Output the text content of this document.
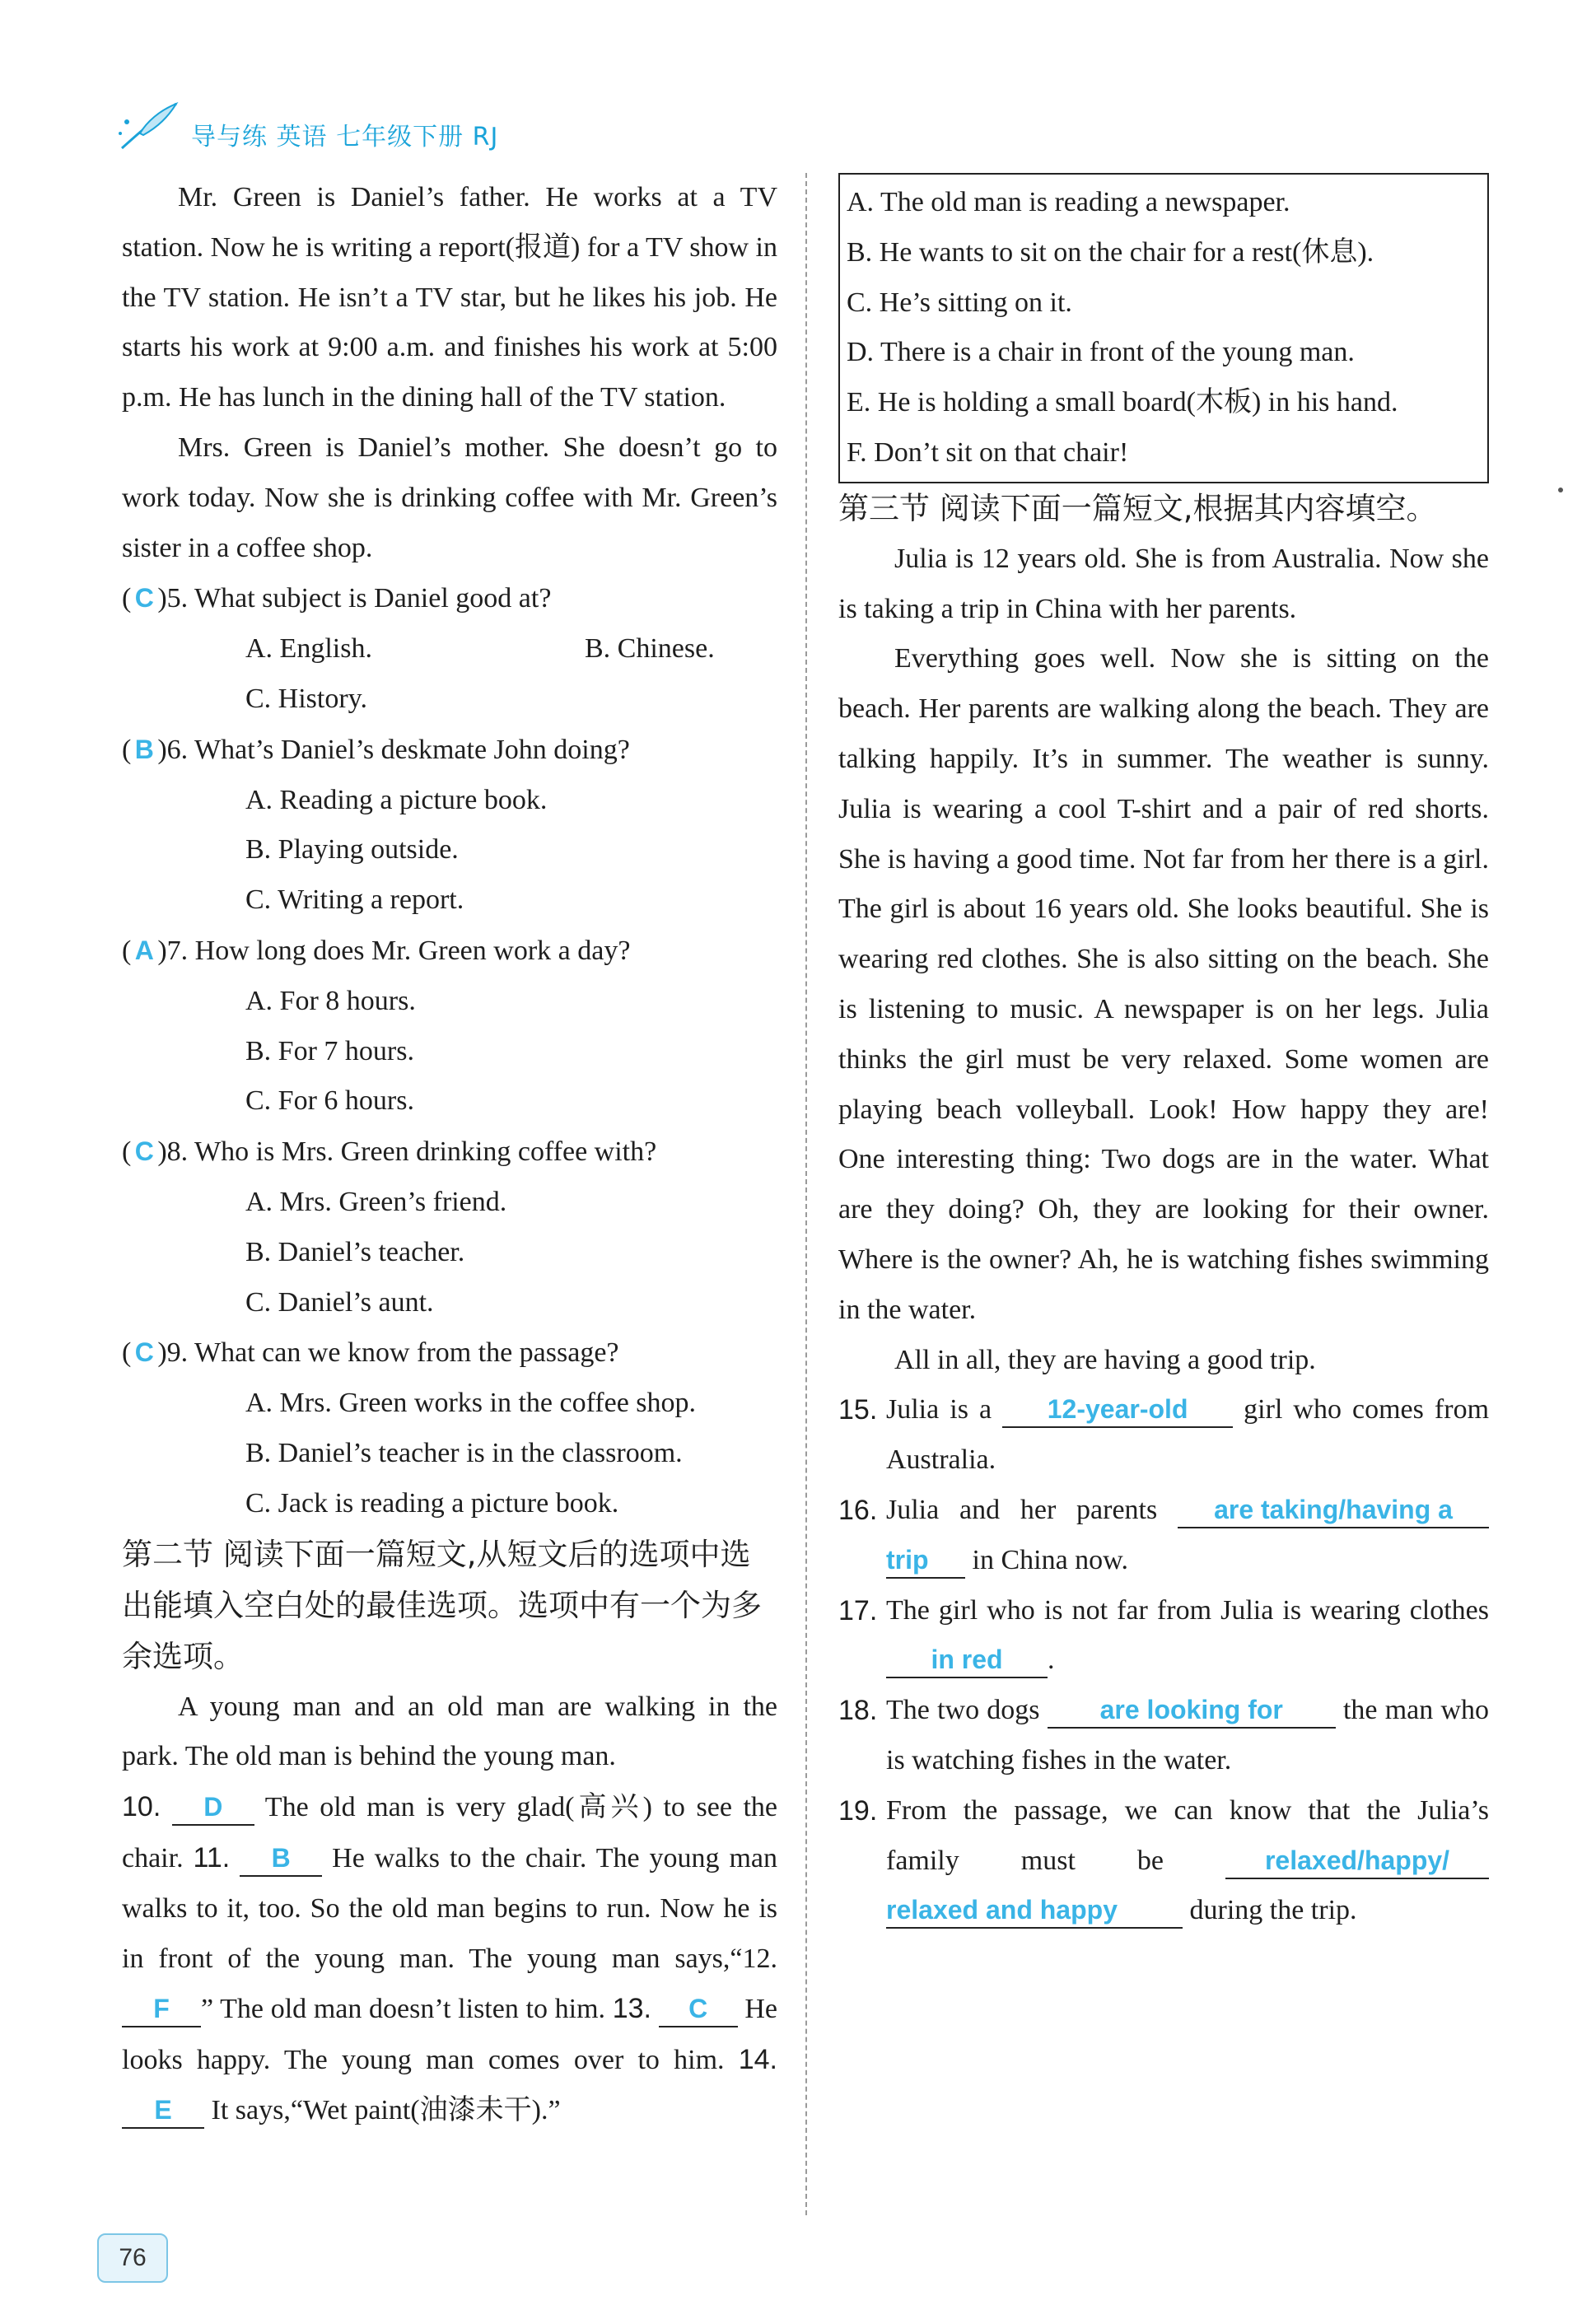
导与练 英语 七年级下册 RJ

Mr. Green is Daniel’s father. He works at a TV station. Now he is writing a report(报道) for a TV show in the TV station. He isn’t a TV star, but he likes his job. He starts his work at 9:00 a.m. and finishes his work at 5:00 p.m. He has lunch in the dining hall of the TV station.

Mrs. Green is Daniel’s mother. She doesn’t go to work today. Now she is drinking coffee with Mr. Green’s sister in a coffee shop.

( C )5. What subject is Daniel good at?
A. English.	B. Chinese.
C. History.
( B )6. What’s Daniel’s deskmate John doing?
A. Reading a picture book.
B. Playing outside.
C. Writing a report.
( A )7. How long does Mr. Green work a day?
A. For 8 hours.
B. For 7 hours.
C. For 6 hours.
( C )8. Who is Mrs. Green drinking coffee with?
A. Mrs. Green’s friend.
B. Daniel’s teacher.
C. Daniel’s aunt.
( C )9. What can we know from the passage?
A. Mrs. Green works in the coffee shop.
B. Daniel’s teacher is in the classroom.
C. Jack is reading a picture book.

第二节 阅读下面一篇短文,从短文后的选项中选出能填入空白处的最佳选项。选项中有一个为多余选项。

A young man and an old man are walking in the park. The old man is behind the young man.

10. D The old man is very glad(高兴) to see the chair. 11. B He walks to the chair. The young man walks to it, too. So the old man begins to run. Now he is in front of the young man. The young man says,“12. F ” The old man doesn’t listen to him. 13. C He looks happy. The young man comes over to him. 14. E It says,“Wet paint(油漆未干).”

A. The old man is reading a newspaper.
B. He wants to sit on the chair for a rest(休息).
C. He’s sitting on it.
D. There is a chair in front of the young man.
E. He is holding a small board(木板) in his hand.
F. Don’t sit on that chair!

第三节 阅读下面一篇短文,根据其内容填空。

Julia is 12 years old. She is from Australia. Now she is taking a trip in China with her parents.

Everything goes well. Now she is sitting on the beach. Her parents are walking along the beach. They are talking happily. It’s in summer. The weather is sunny. Julia is wearing a cool T-shirt and a pair of red shorts. She is having a good time. Not far from her there is a girl. The girl is about 16 years old. She looks beautiful. She is wearing red clothes. She is also sitting on the beach. She is listening to music. A newspaper is on her legs. Julia thinks the girl must be very relaxed. Some women are playing beach volleyball. Look! How happy they are! One interesting thing: Two dogs are in the water. What are they doing? Oh, they are looking for their owner. Where is the owner? Ah, he is watching fishes swimming in the water.

All in all, they are having a good trip.

15. Julia is a 12-year-old girl who comes from Australia.
16. Julia and her parents are taking/having a trip in China now.
17. The girl who is not far from Julia is wearing clothes in red .
18. The two dogs are looking for the man who is watching fishes in the water.
19. From the passage, we can know that the Julia’s family must be	relaxed/happy/ relaxed and happy	during the trip.
76
